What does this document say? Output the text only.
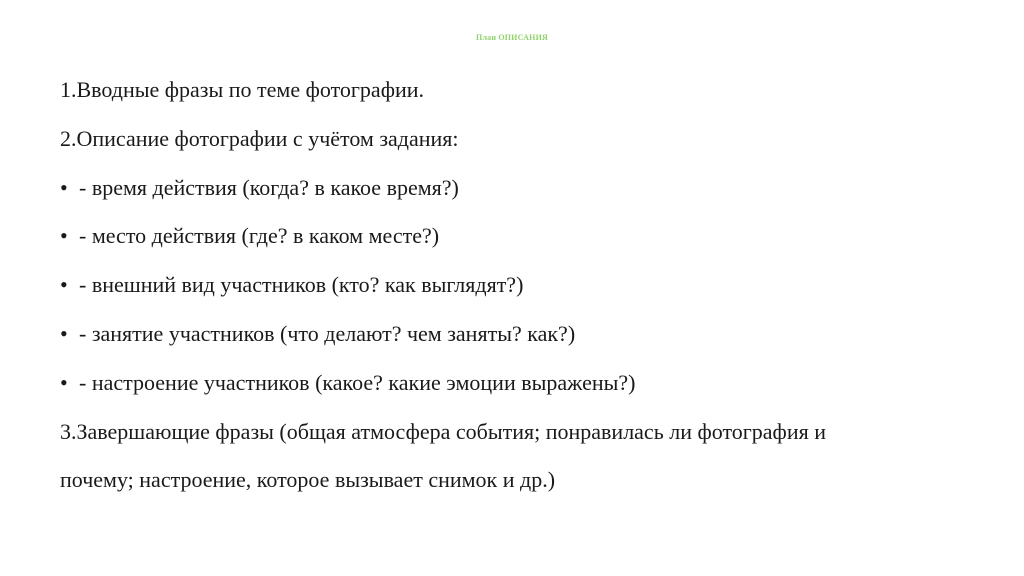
План ОПИСАНИЯ
1.Вводные фразы по теме фотографии.
2.Описание фотографии с учётом задания:
• - время действия (когда? в какое время?)
• - место действия (где? в каком месте?)
• - внешний вид участников (кто? как выглядят?)
• - занятие участников (что делают? чем заняты? как?)
• - настроение участников (какое? какие эмоции выражены?)
3.Завершающие фразы (общая атмосфера события; понравилась ли фотография и
почему; настроение, которое вызывает снимок и др.)
